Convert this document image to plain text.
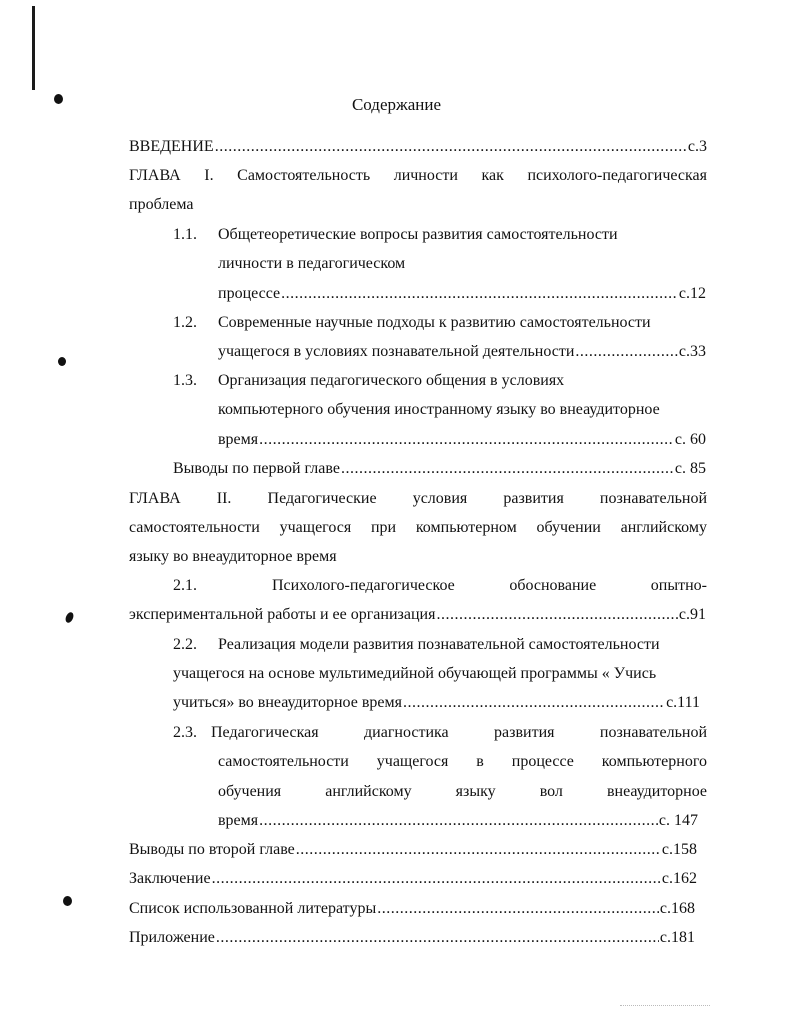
Содержание
ВВЕДЕНИЕ .....	с.3
ГЛАВА I. Самостоятельность личности как психолого-педагогическая
проблема
1.1. Общетеоретические вопросы развития самостоятельности
личности в педагогическом
процессе .....	с.12
1.2. Современные научные подходы к развитию самостоятельности
учащегося в условиях познавательной деятельности .....	с.33
1.3. Организация педагогического общения в условиях
компьютерного обучения иностранному языку во внеаудиторное
время .....	с. 60
Выводы по первой главе .....	с. 85
ГЛАВА II. Педагогические условия развития познавательной
самостоятельности учащегося при компьютерном обучении английскому
языку во внеаудиторное время
2.1.	Психолого-педагогическое обоснование опытно-
экспериментальной работы и ее организация .....	с.91
2.2. Реализация модели развития познавательной самостоятельности
учащегося на основе мультимедийной обучающей программы « Учись
учиться» во внеаудиторное время .....	с.111
2.3. Педагогическая диагностика развития познавательной
самостоятельности учащегося в процессе компьютерного
обучения английскому языку вол внеаудиторное
время .....	с. 147
Выводы по второй главе .....	с.158
Заключение .....	с.162
Список использованной литературы .....	с.168
Приложение .....	с.181
